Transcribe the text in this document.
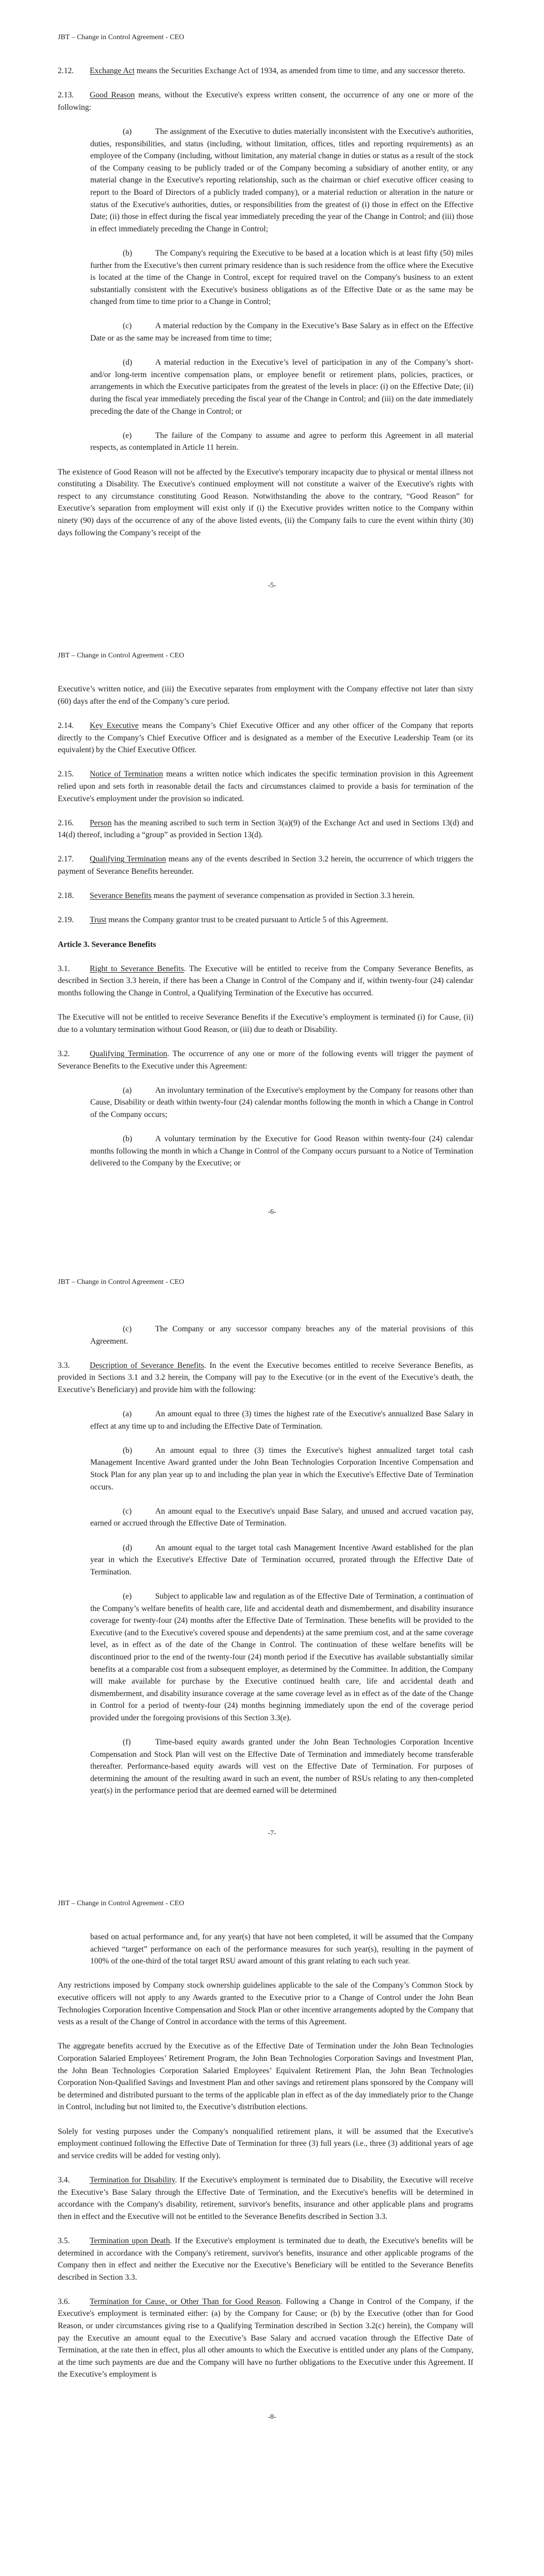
JBT – Change in Control Agreement - CEO

2.12. Exchange Act means the Securities Exchange Act of 1934, as amended from time to time, and any successor thereto.

2.13. Good Reason means, without the Executive's express written consent, the occurrence of any one or more of the following:

(a)	The assignment of the Executive to duties materially inconsistent with the Executive's authorities, duties, responsibilities, and status (including, without limitation, offices, titles and reporting requirements) as an employee of the Company (including, without limitation, any material change in duties or status as a result of the stock of the Company ceasing to be publicly traded or of the Company becoming a subsidiary of another entity, or any material change in the Executive's reporting relationship, such as the chairman or chief executive officer ceasing to report to the Board of Directors of a publicly traded company), or a material reduction or alteration in the nature or status of the Executive's authorities, duties, or responsibilities from the greatest of (i) those in effect on the Effective Date; (ii) those in effect during the fiscal year immediately preceding the year of the Change in Control; and (iii) those in effect immediately preceding the Change in Control;

(b)	The Company's requiring the Executive to be based at a location which is at least fifty (50) miles further from the Executive’s then current primary residence than is such residence from the office where the Executive is located at the time of the Change in Control, except for required travel on the Company's business to an extent substantially consistent with the Executive's business obligations as of the Effective Date or as the same may be changed from time to time prior to a Change in Control;

(c)	A material reduction by the Company in the Executive’s Base Salary as in effect on the Effective Date or as the same may be increased from time to time;

(d)	A material reduction in the Executive’s level of participation in any of the Company’s short- and/or long-term incentive compensation plans, or employee benefit or retirement plans, policies, practices, or arrangements in which the Executive participates from the greatest of the levels in place: (i) on the Effective Date; (ii) during the fiscal year immediately preceding the fiscal year of the Change in Control; and (iii) on the date immediately preceding the date of the Change in Control; or

(e)	The failure of the Company to assume and agree to perform this Agreement in all material respects, as contemplated in Article 11 herein.

The existence of Good Reason will not be affected by the Executive's temporary incapacity due to physical or mental illness not constituting a Disability. The Executive's continued employment will not constitute a waiver of the Executive's rights with respect to any circumstance constituting Good Reason. Notwithstanding the above to the contrary, “Good Reason” for Executive’s separation from employment will exist only if (i) the Executive provides written notice to the Company within ninety (90) days of the occurrence of any of the above listed events, (ii) the Company fails to cure the event within thirty (30) days following the Company’s receipt of the

-5-
JBT – Change in Control Agreement - CEO

Executive’s written notice, and (iii) the Executive separates from employment with the Company effective not later than sixty (60) days after the end of the Company’s cure period.

2.14. Key Executive means the Company’s Chief Executive Officer and any other officer of the Company that reports directly to the Company’s Chief Executive Officer and is designated as a member of the Executive Leadership Team (or its equivalent) by the Chief Executive Officer.

2.15. Notice of Termination means a written notice which indicates the specific termination provision in this Agreement relied upon and sets forth in reasonable detail the facts and circumstances claimed to provide a basis for termination of the Executive's employment under the provision so indicated.

2.16. Person has the meaning ascribed to such term in Section 3(a)(9) of the Exchange Act and used in Sections 13(d) and 14(d) thereof, including a “group” as provided in Section 13(d).

2.17. Qualifying Termination means any of the events described in Section 3.2 herein, the occurrence of which triggers the payment of Severance Benefits hereunder.

2.18. Severance Benefits means the payment of severance compensation as provided in Section 3.3 herein.

2.19. Trust means the Company grantor trust to be created pursuant to Article 5 of this Agreement.

Article 3. Severance Benefits

3.1. Right to Severance Benefits. The Executive will be entitled to receive from the Company Severance Benefits, as described in Section 3.3 herein, if there has been a Change in Control of the Company and if, within twenty-four (24) calendar months following the Change in Control, a Qualifying Termination of the Executive has occurred.

The Executive will not be entitled to receive Severance Benefits if the Executive’s employment is terminated (i) for Cause, (ii) due to a voluntary termination without Good Reason, or (iii) due to death or Disability.

3.2. Qualifying Termination. The occurrence of any one or more of the following events will trigger the payment of Severance Benefits to the Executive under this Agreement:

(a)	An involuntary termination of the Executive's employment by the Company for reasons other than Cause, Disability or death within twenty-four (24) calendar months following the month in which a Change in Control of the Company occurs;

(b)	A voluntary termination by the Executive for Good Reason within twenty-four (24) calendar months following the month in which a Change in Control of the Company occurs pursuant to a Notice of Termination delivered to the Company by the Executive; or

-6-
JBT – Change in Control Agreement - CEO

(c)	The Company or any successor company breaches any of the material provisions of this Agreement.

3.3. Description of Severance Benefits. In the event the Executive becomes entitled to receive Severance Benefits, as provided in Sections 3.1 and 3.2 herein, the Company will pay to the Executive (or in the event of the Executive’s death, the Executive’s Beneficiary) and provide him with the following:

(a)	An amount equal to three (3) times the highest rate of the Executive's annualized Base Salary in effect at any time up to and including the Effective Date of Termination.

(b)	An amount equal to three (3) times the Executive's highest annualized target total cash Management Incentive Award granted under the John Bean Technologies Corporation Incentive Compensation and Stock Plan for any plan year up to and including the plan year in which the Executive's Effective Date of Termination occurs.

(c)	An amount equal to the Executive's unpaid Base Salary, and unused and accrued vacation pay, earned or accrued through the Effective Date of Termination.

(d)	An amount equal to the target total cash Management Incentive Award established for the plan year in which the Executive's Effective Date of Termination occurred, prorated through the Effective Date of Termination.

(e)	Subject to applicable law and regulation as of the Effective Date of Termination, a continuation of the Company’s welfare benefits of health care, life and accidental death and dismemberment, and disability insurance coverage for twenty-four (24) months after the Effective Date of Termination. These benefits will be provided to the Executive (and to the Executive's covered spouse and dependents) at the same premium cost, and at the same coverage level, as in effect as of the date of the Change in Control. The continuation of these welfare benefits will be discontinued prior to the end of the twenty-four (24) month period if the Executive has available substantially similar benefits at a comparable cost from a subsequent employer, as determined by the Committee. In addition, the Company will make available for purchase by the Executive continued health care, life and accidental death and dismemberment, and disability insurance coverage at the same coverage level as in effect as of the date of the Change in Control for a period of twenty-four (24) months beginning immediately upon the end of the coverage period provided under the foregoing provisions of this Section 3.3(e).

(f)	Time-based equity awards granted under the John Bean Technologies Corporation Incentive Compensation and Stock Plan will vest on the Effective Date of Termination and immediately become transferable thereafter. Performance-based equity awards will vest on the Effective Date of Termination. For purposes of determining the amount of the resulting award in such an event, the number of RSUs relating to any then-completed year(s) in the performance period that are deemed earned will be determined

-7-
JBT – Change in Control Agreement - CEO

based on actual performance and, for any year(s) that have not been completed, it will be assumed that the Company achieved “target” performance on each of the performance measures for such year(s), resulting in the payment of 100% of the one-third of the total target RSU award amount of this grant relating to each such year.

Any restrictions imposed by Company stock ownership guidelines applicable to the sale of the Company’s Common Stock by executive officers will not apply to any Awards granted to the Executive prior to a Change of Control under the John Bean Technologies Corporation Incentive Compensation and Stock Plan or other incentive arrangements adopted by the Company that vests as a result of the Change of Control in accordance with the terms of this Agreement.

The aggregate benefits accrued by the Executive as of the Effective Date of Termination under the John Bean Technologies Corporation Salaried Employees’ Retirement Program, the John Bean Technologies Corporation Savings and Investment Plan, the John Bean Technologies Corporation Salaried Employees’ Equivalent Retirement Plan, the John Bean Technologies Corporation Non-Qualified Savings and Investment Plan and other savings and retirement plans sponsored by the Company will be determined and distributed pursuant to the terms of the applicable plan in effect as of the day immediately prior to the Change in Control, including but not limited to, the Executive’s distribution elections.

Solely for vesting purposes under the Company's nonqualified retirement plans, it will be assumed that the Executive's employment continued following the Effective Date of Termination for three (3) full years (i.e., three (3) additional years of age and service credits will be added for vesting only).

3.4. Termination for Disability. If the Executive's employment is terminated due to Disability, the Executive will receive the Executive’s Base Salary through the Effective Date of Termination, and the Executive's benefits will be determined in accordance with the Company's disability, retirement, survivor's benefits, insurance and other applicable plans and programs then in effect and the Executive will not be entitled to the Severance Benefits described in Section 3.3.

3.5. Termination upon Death. If the Executive's employment is terminated due to death, the Executive's benefits will be determined in accordance with the Company's retirement, survivor's benefits, insurance and other applicable programs of the Company then in effect and neither the Executive nor the Executive’s Beneficiary will be entitled to the Severance Benefits described in Section 3.3.

3.6. Termination for Cause, or Other Than for Good Reason. Following a Change in Control of the Company, if the Executive's employment is terminated either: (a) by the Company for Cause; or (b) by the Executive (other than for Good Reason, or under circumstances giving rise to a Qualifying Termination described in Section 3.2(c) herein), the Company will pay the Executive an amount equal to the Executive’s Base Salary and accrued vacation through the Effective Date of Termination, at the rate then in effect, plus all other amounts to which the Executive is entitled under any plans of the Company, at the time such payments are due and the Company will have no further obligations to the Executive under this Agreement. If the Executive’s employment is

-8-
